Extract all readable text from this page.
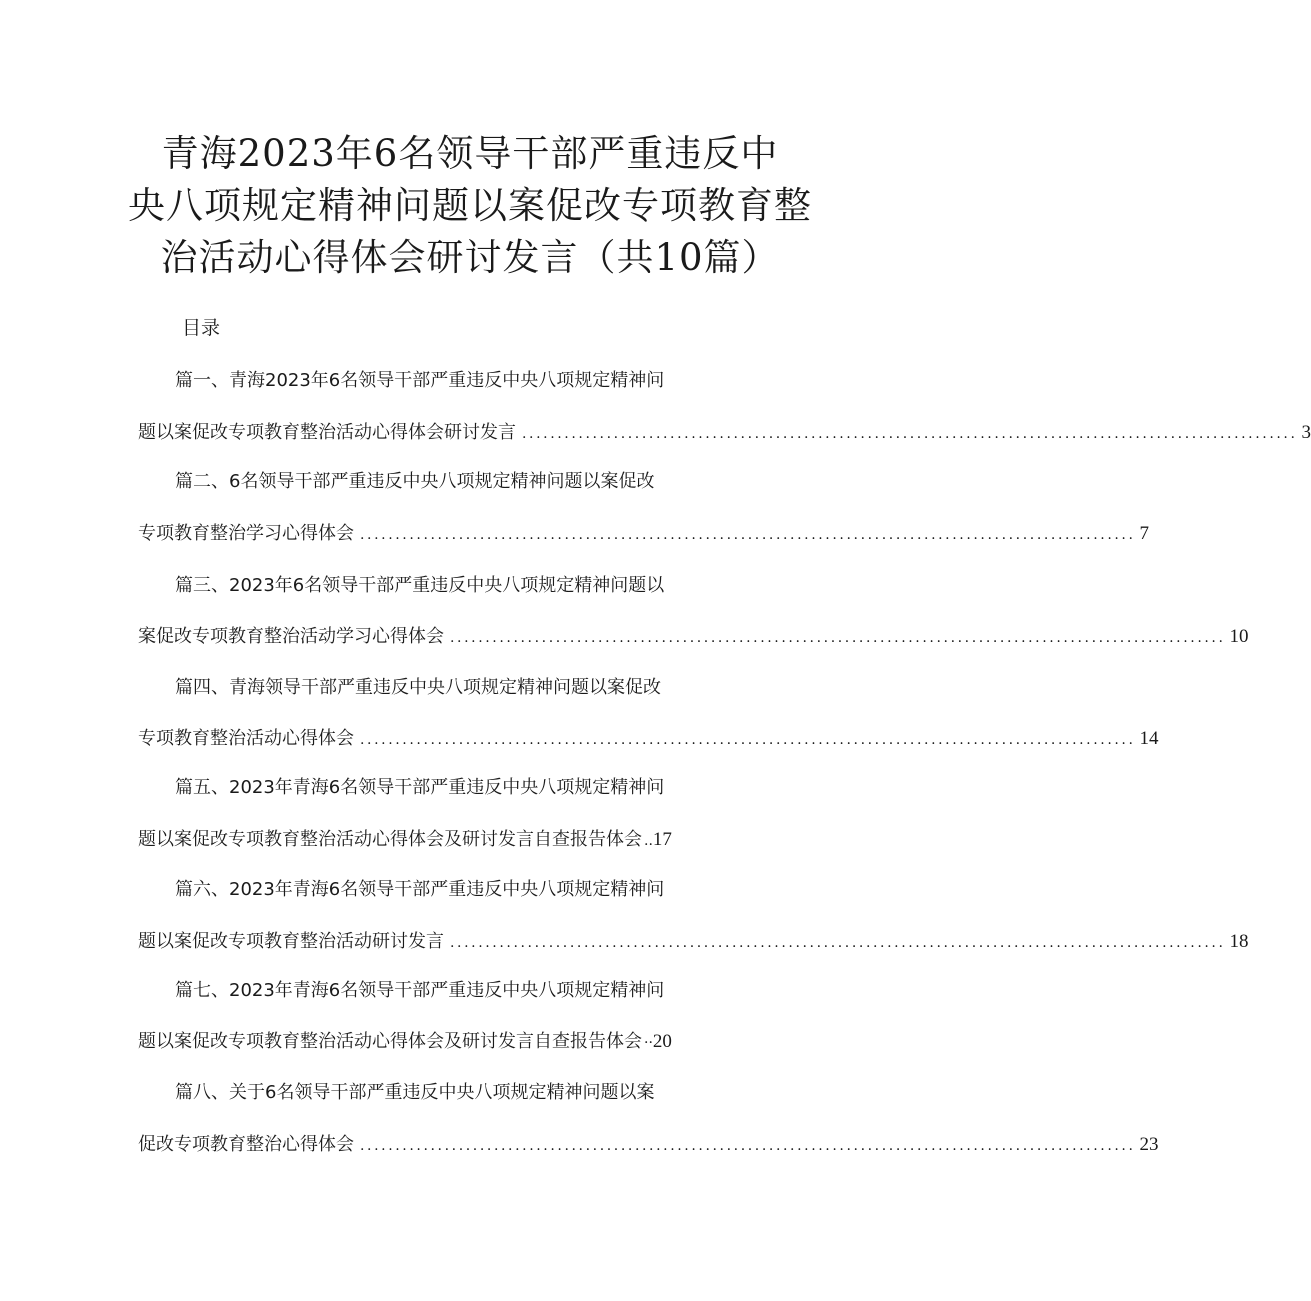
青海2023年6名领导干部严重违反中
央八项规定精神问题以案促改专项教育整
治活动心得体会研讨发言（共10篇）
目录
篇一、青海2023年6名领导干部严重违反中央八项规定精神问
题以案促改专项教育整治活动心得体会研讨发言 .............................................................................................................. 3
篇二、6名领导干部严重违反中央八项规定精神问题以案促改
专项教育整治学习心得体会 .............................................................................................................. 7
篇三、2023年6名领导干部严重违反中央八项规定精神问题以
案促改专项教育整治活动学习心得体会 .............................................................................................................. 10
篇四、青海领导干部严重违反中央八项规定精神问题以案促改
专项教育整治活动心得体会 .............................................................................................................. 14
篇五、2023年青海6名领导干部严重违反中央八项规定精神问
题以案促改专项教育整治活动心得体会及研讨发言自查报告体会 .. 17
篇六、2023年青海6名领导干部严重违反中央八项规定精神问
题以案促改专项教育整治活动研讨发言 .............................................................................................................. 18
篇七、2023年青海6名领导干部严重违反中央八项规定精神问
题以案促改专项教育整治活动心得体会及研讨发言自查报告体会 ·· 20
篇八、关于6名领导干部严重违反中央八项规定精神问题以案
促改专项教育整治心得体会 .............................................................................................................. 23
